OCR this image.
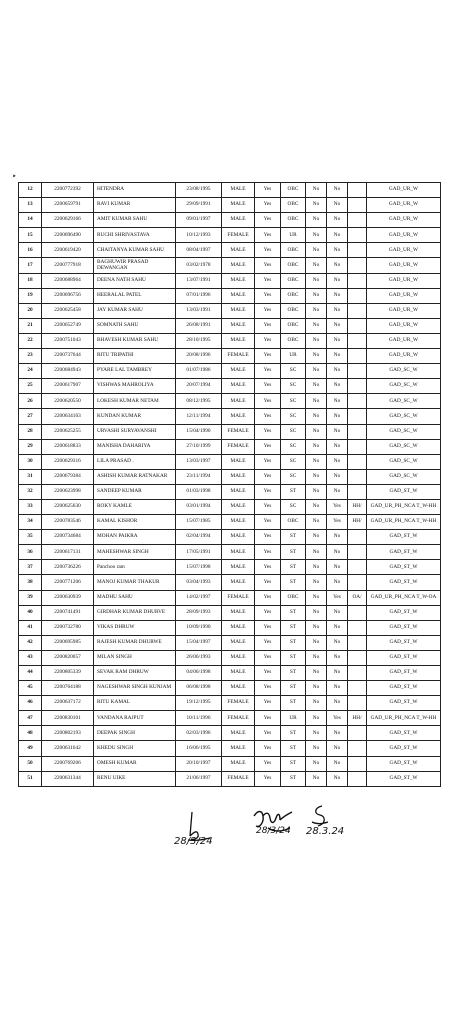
‣
12	2200772392	HITENDRA	23/08/1995	MALE	Yes	OBC	No	No		GAD_UR_W
13	2200659791	RAVI KUMAR	29/09/1991	MALE	Yes	OBC	No	No		GAD_UR_W
14	2200629166	AMIT KUMAR SAHU	09/01/1997	MALE	Yes	OBC	No	No		GAD_UR_W
15	2200696490	RUCHI SHRIVASTAVA	10/12/1993	FEMALE	Yes	UR	No	No		GAD_UR_W
16	2200619420	CHAITANYA KUMAR SAHU	08/04/1997	MALE	Yes	OBC	No	No		GAD_UR_W
17	2200777918	BAGHUWIR PRASAD DEWANGAN	03/02/1978	MALE	Yes	OBC	No	No		GAD_UR_W
18	2200688964	DEENA NATH SAHU	13/07/1991	MALE	Yes	OBC	No	No		GAD_UR_W
19	2200696756	HEERALAL PATEL	07/01/1996	MALE	Yes	OBC	No	No		GAD_UR_W
20	2200625458	JAY KUMAR SAHU	13/03/1991	MALE	Yes	OBC	No	No		GAD_UR_W
21	2200652749	SOMNATH SAHU	26/08/1991	MALE	Yes	OBC	No	No		GAD_UR_W
22	2200751043	BHAVESH KUMAR SAHU	28/10/1995	MALE	Yes	OBC	No	No		GAD_UR_W
23	2200737644	RITU TRIPATHI	20/08/1996	FEMALE	Yes	UR	No	No		GAD_UR_W
24	2200684943	PYARE LAL TAMBREY	01/07/1986	MALE	Yes	SC	No	No		GAD_SC_W
25	2200617907	VISHWAS MAHROLIYA	20/07/1994	MALE	Yes	SC	No	No		GAD_SC_W
26	2200620550	LOKESH KUMAR NETAM	08/12/1995	MALE	Yes	SC	No	No		GAD_SC_W
27	2200634103	KUNDAN KUMAR	12/11/1994	MALE	Yes	SC	No	No		GAD_SC_W
28	2200625255	URVASHI SURYAVANSHI	15/04/1990	FEMALE	Yes	SC	No	No		GAD_SC_W
29	2200618833	MANISHA DAHARIYA	27/10/1999	FEMALE	Yes	SC	No	No		GAD_SC_W
30	2200629316	LILA PRASAD .	13/03/1997	MALE	Yes	SC	No	No		GAD_SC_W
31	2200679384	ASHISH KUMAR RATNAKAR	23/11/1994	MALE	Yes	SC	No	No		GAD_SC_W
32	2200623998	SANDEEP KUMAR	01/03/1998	MALE	Yes	ST	No	No		GAD_ST_W
33	2200625630	ROKY KAMLE	03/01/1994	MALE	Yes	SC	No	Yes	HH/	GAD_UR_PH_NCA T_W-HH
34	2200783546	KAMAL KISHOR	15/07/1985	MALE	Yes	OBC	No	Yes	HH/	GAD_UR_PH_NCA T_W-HH
35	2200734684	MOHAN PAIKRA	02/04/1994	MALE	Yes	ST	No	No		GAD_ST_W
36	2200617131	MAHESHWAR SINGH	17/05/1991	MALE	Yes	ST	No	No		GAD_ST_W
37	2200736226	Panchoo ram	15/07/1998	MALE	Yes	ST	No	No		GAD_ST_W
38	2200771206	MANOJ KUMAR THAKUR	03/04/1993	MALE	Yes	ST	No	No		GAD_ST_W
39	2200630939	MADHU SAHU	14/02/1997	FEMALE	Yes	OBC	No	Yes	OA/	GAD_UR_PH_NCA T_W-OA
40	2200741491	GIRDHAR KUMAR DHURVE	28/09/1993	MALE	Yes	ST	No	No		GAD_ST_W
41	2200732780	VIKAS DHRUW	10/09/1990	MALE	Yes	ST	No	No		GAD_ST_W
42	2200695985	RAJESH KUMAR DHURWE	15/04/1997	MALE	Yes	ST	No	No		GAD_ST_W
43	2200820057	MILAN SINGH	26/06/1993	MALE	Yes	ST	No	No		GAD_ST_W
44	2200805339	SEVAK RAM DHRUW	04/06/1998	MALE	Yes	ST	No	No		GAD_ST_W
45	2200764188	NAGESHWAR SINGH KUNJAM	06/08/1998	MALE	Yes	ST	No	No		GAD_ST_W
46	2200637172	RITU KAMAL	19/12/1995	FEMALE	Yes	ST	No	No		GAD_ST_W
47	2200830101	VANDANA RAJPUT	10/11/1996	FEMALE	Yes	UR	No	Yes	HH/	GAD_UR_PH_NCA T_W-HH
48	2200802193	DEEPAK SINGH	02/03/1996	MALE	Yes	ST	No	No		GAD_ST_W
49	2200631642	KHEDU SINGH	16/06/1995	MALE	Yes	ST	No	No		GAD_ST_W
50	2200769206	OMESH KUMAR	20/10/1997	MALE	Yes	ST	No	No		GAD_ST_W
51	2200631344	RENU UIKE	21/06/1997	FEMALE	Yes	ST	No	No		GAD_ST_W
28/3/24
28/3/24 28.3.24
